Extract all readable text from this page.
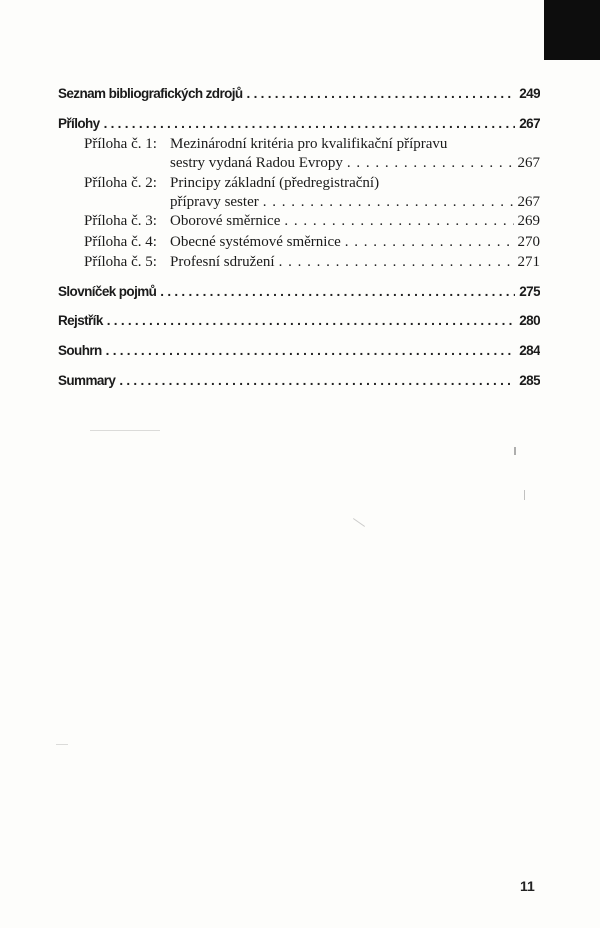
Seznam bibliografických zdrojů .....	249
Přílohy .....	267
Příloha č. 1: Mezinárodní kritéria pro kvalifikační přípravu
sestry vydaná Radou Evropy . . .	267
Příloha č. 2: Principy základní (předregistrační)
přípravy sester . . .	267
Příloha č. 3: Oborové směrnice . . .	269
Příloha č. 4: Obecné systémové směrnice . . .	270
Příloha č. 5: Profesní sdružení . . .	271
Slovníček pojmů .....	275
Rejstřík .....	280
Souhrn .....	284
Summary .....	285
11
